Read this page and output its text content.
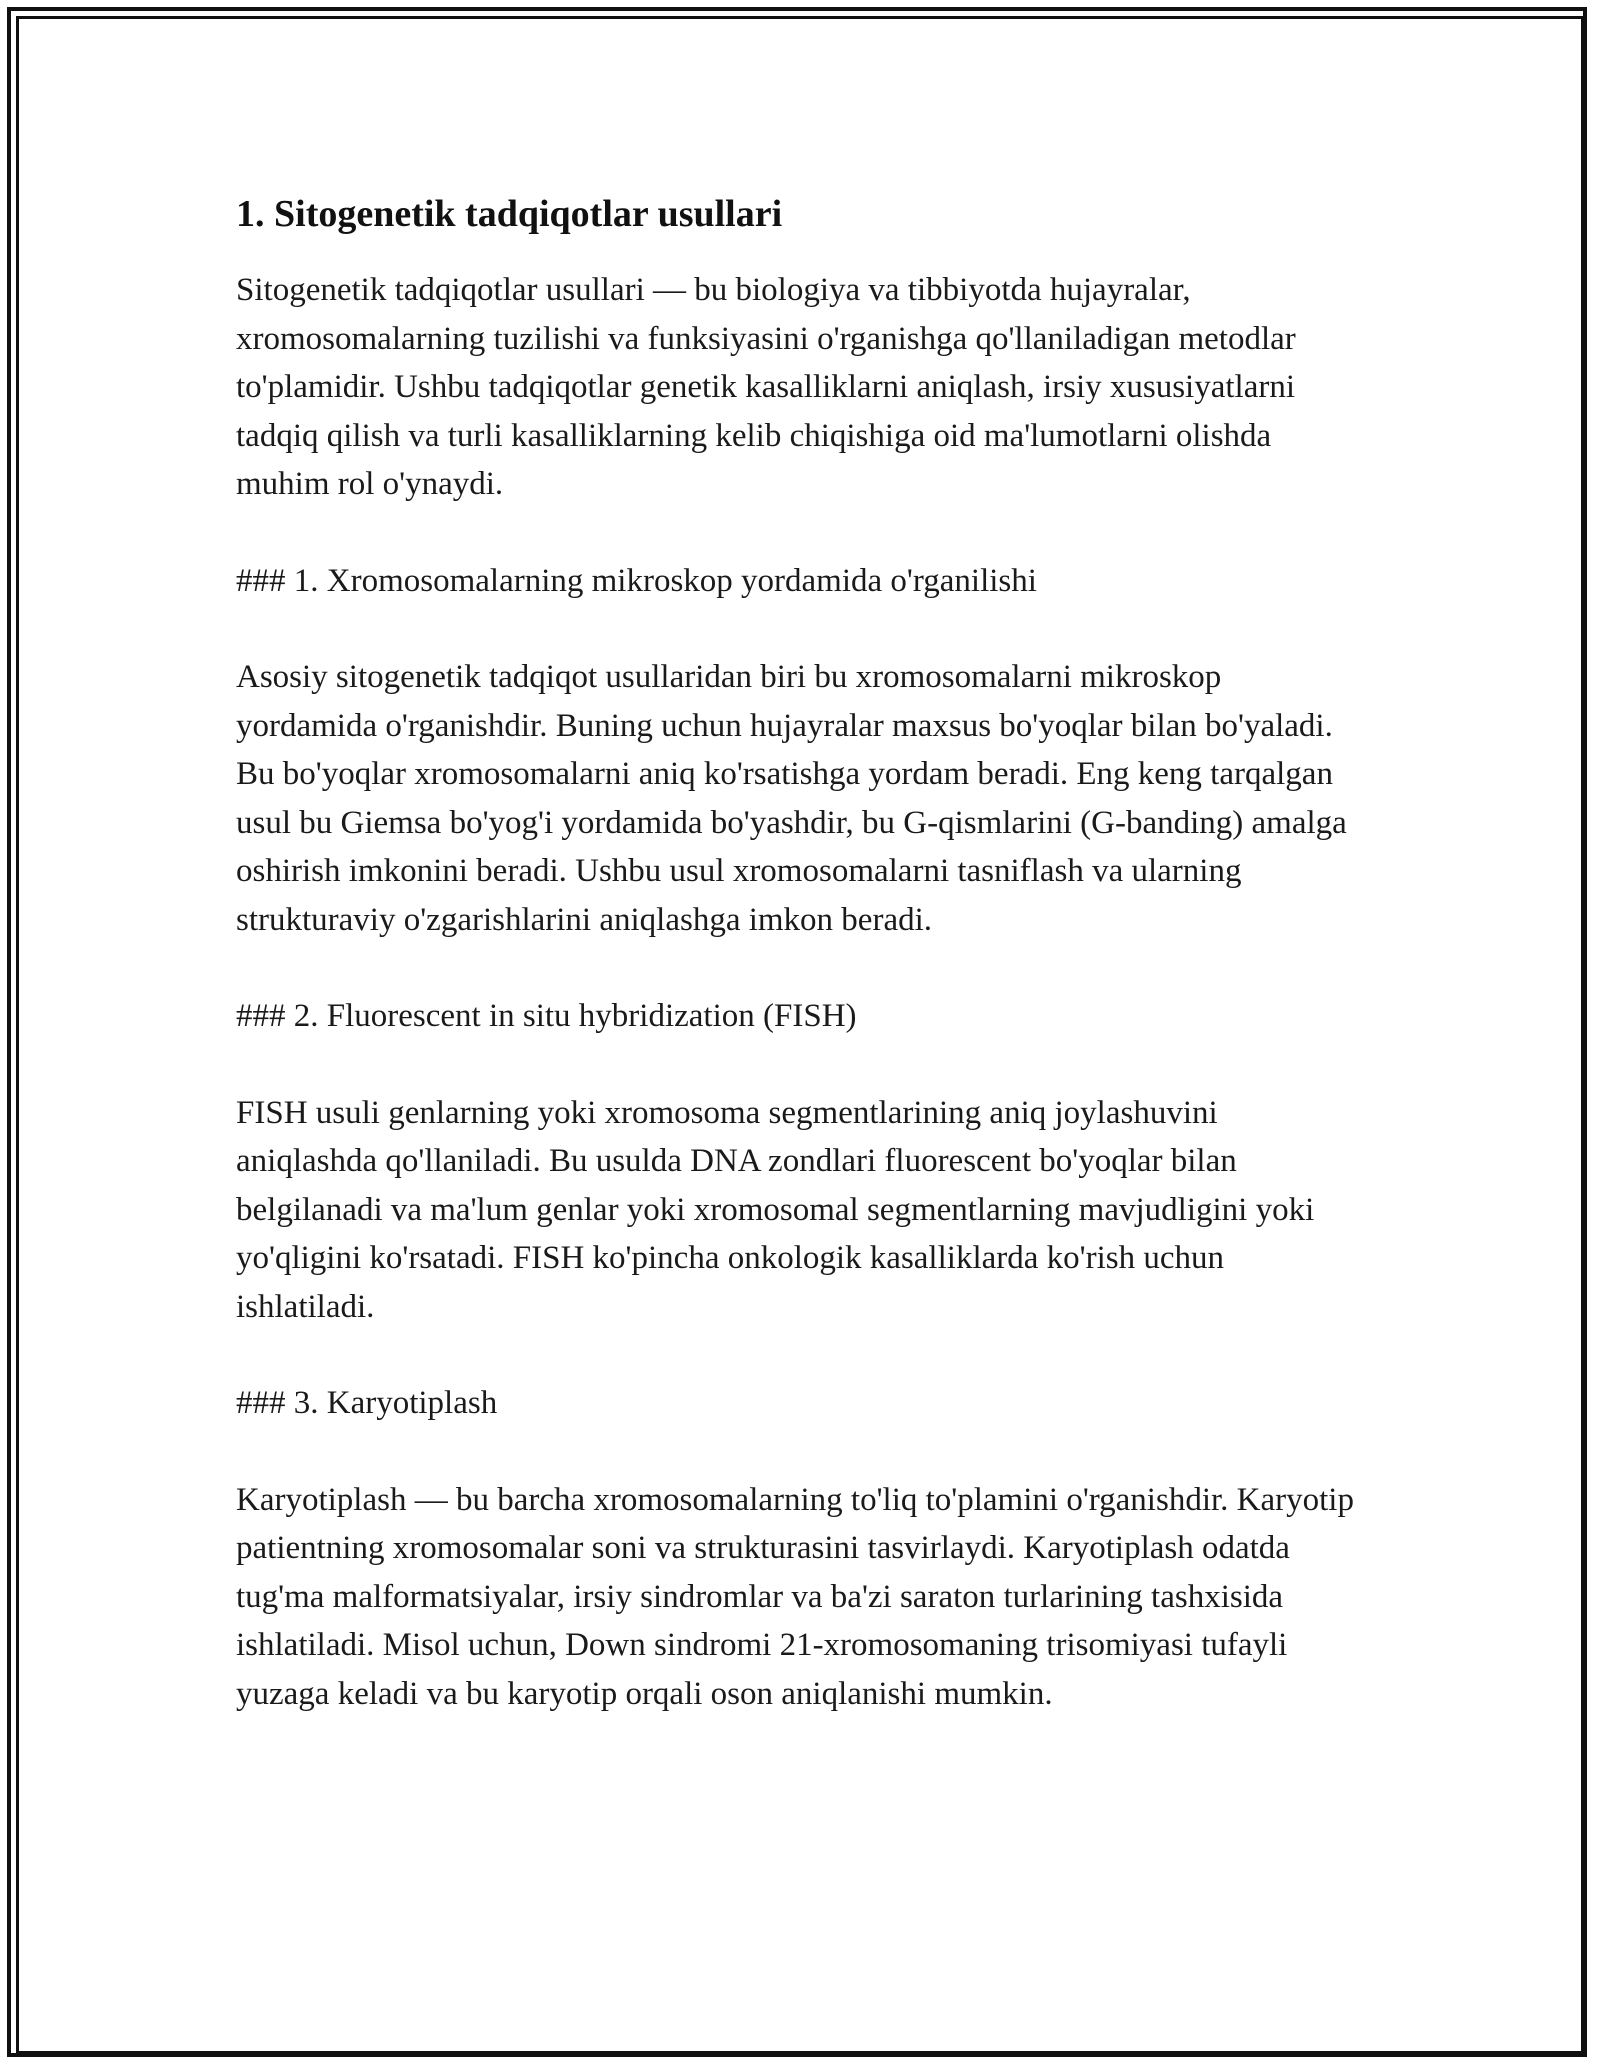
1. Sitogenetik tadqiqotlar usullari

Sitogenetik tadqiqotlar usullari — bu biologiya va tibbiyotda hujayralar, xromosomalarning tuzilishi va funksiyasini o'rganishga qo'llaniladigan metodlar to'plamidir. Ushbu tadqiqotlar genetik kasalliklarni aniqlash, irsiy xususiyatlarni tadqiq qilish va turli kasalliklarning kelib chiqishiga oid ma'lumotlarni olishda muhim rol o'ynaydi.

### 1. Xromosomalarning mikroskop yordamida o'rganilishi

Asosiy sitogenetik tadqiqot usullaridan biri bu xromosomalarni mikroskop yordamida o'rganishdir. Buning uchun hujayralar maxsus bo'yoqlar bilan bo'yaladi. Bu bo'yoqlar xromosomalarni aniq ko'rsatishga yordam beradi. Eng keng tarqalgan usul bu Giemsa bo'yog'i yordamida bo'yashdir, bu G-qismlarini (G-banding) amalga oshirish imkonini beradi. Ushbu usul xromosomalarni tasniflash va ularning strukturaviy o'zgarishlarini aniqlashga imkon beradi.

### 2. Fluorescent in situ hybridization (FISH)

FISH usuli genlarning yoki xromosoma segmentlarining aniq joylashuvini aniqlashda qo'llaniladi. Bu usulda DNA zondlari fluorescent bo'yoqlar bilan belgilanadi va ma'lum genlar yoki xromosomal segmentlarning mavjudligini yoki yo'qligini ko'rsatadi. FISH ko'pincha onkologik kasalliklarda ko'rish uchun ishlatiladi.

### 3. Karyotiplash

Karyotiplash — bu barcha xromosomalarning to'liq to'plamini o'rganishdir. Karyotip patientning xromosomalar soni va strukturasini tasvirlaydi. Karyotiplash odatda tug'ma malformatsiyalar, irsiy sindromlar va ba'zi saraton turlarining tashxisida ishlatiladi. Misol uchun, Down sindromi 21-xromosomaning trisomiyasi tufayli yuzaga keladi va bu karyotip orqali oson aniqlanishi mumkin.
